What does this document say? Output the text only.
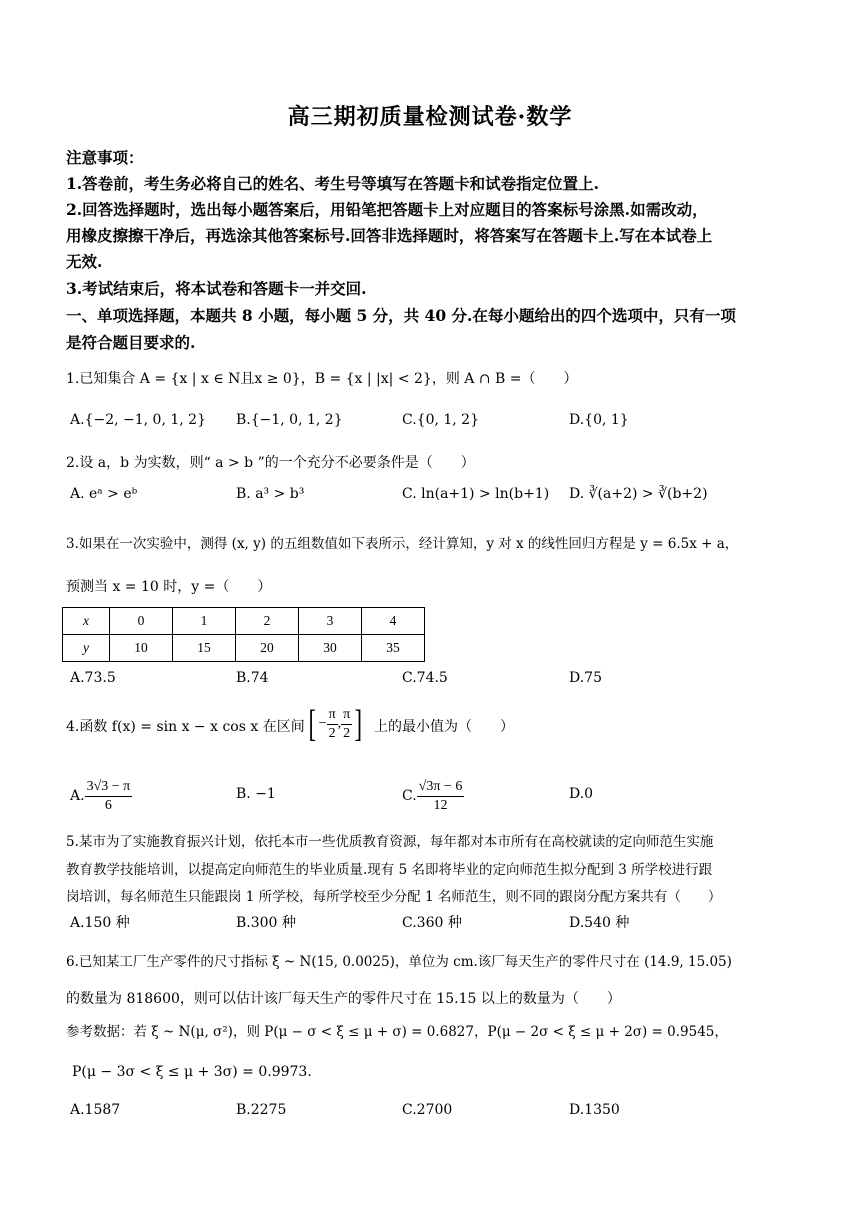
高三期初质量检测试卷·数学
注意事项：
1.答卷前，考生务必将自己的姓名、考生号等填写在答题卡和试卷指定位置上.
2.回答选择题时，选出每小题答案后，用铅笔把答题卡上对应题目的答案标号涂黑.如需改动，
用橡皮擦擦干净后，再选涂其他答案标号.回答非选择题时，将答案写在答题卡上.写在本试卷上
无效.
3.考试结束后，将本试卷和答题卡一并交回.
一、单项选择题，本题共 8 小题，每小题 5 分，共 40 分.在每小题给出的四个选项中，只有一项
是符合题目要求的.
1.已知集合 A = {x | x ∈ N且x ≥ 0}，B = {x | |x| < 2}，则 A ∩ B =（　　）
A.{−2, −1, 0, 1, 2} B.{−1, 0, 1, 2}	C.{0, 1, 2}	D.{0, 1}
2.设 a，b 为实数，则“ a > b ”的一个充分不必要条件是（　　）
A. eᵃ > eᵇ	B. a³ > b³	C. ln(a+1) > ln(b+1) D. ∛(a+2) > ∛(b+2)
3.如果在一次实验中，测得 (x, y) 的五组数值如下表所示，经计算知，y 对 x 的线性回归方程是 y = 6.5x + a，
预测当 x = 10 时，y =（　　）
x	0	1	2	3	4
y	10	15	20	30	35
A.73.5	B.74	C.74.5	D.75
4.函数 f(x) = sin x − x cos x 在区间 [ − $\frac{\pi}{2}$ , $\frac{\pi}{2}$ ] 上的最小值为（　　）
A. $\frac{3√3 - \pi}{6}$	B. −1	C. $\frac{√3\pi - 6}{12}$	D.0
5.某市为了实施教育振兴计划，依托本市一些优质教育资源，每年都对本市所有在高校就读的定向师范生实施
教育教学技能培训，以提高定向师范生的毕业质量.现有 5 名即将毕业的定向师范生拟分配到 3 所学校进行跟
岗培训，每名师范生只能跟岗 1 所学校，每所学校至少分配 1 名师范生，则不同的跟岗分配方案共有（　　）
A.150 种	B.300 种	C.360 种	D.540 种
6.已知某工厂生产零件的尺寸指标 ξ ~ N(15, 0.0025)，单位为 cm.该厂每天生产的零件尺寸在 (14.9, 15.05)
的数量为 818600，则可以估计该厂每天生产的零件尺寸在 15.15 以上的数量为（　　）
参考数据：若 ξ ~ N(μ, σ²)，则 P(μ − σ < ξ ≤ μ + σ) = 0.6827，P(μ − 2σ < ξ ≤ μ + 2σ) = 0.9545，
P(μ − 3σ < ξ ≤ μ + 3σ) = 0.9973.
A.1587	B.2275	C.2700	D.1350
